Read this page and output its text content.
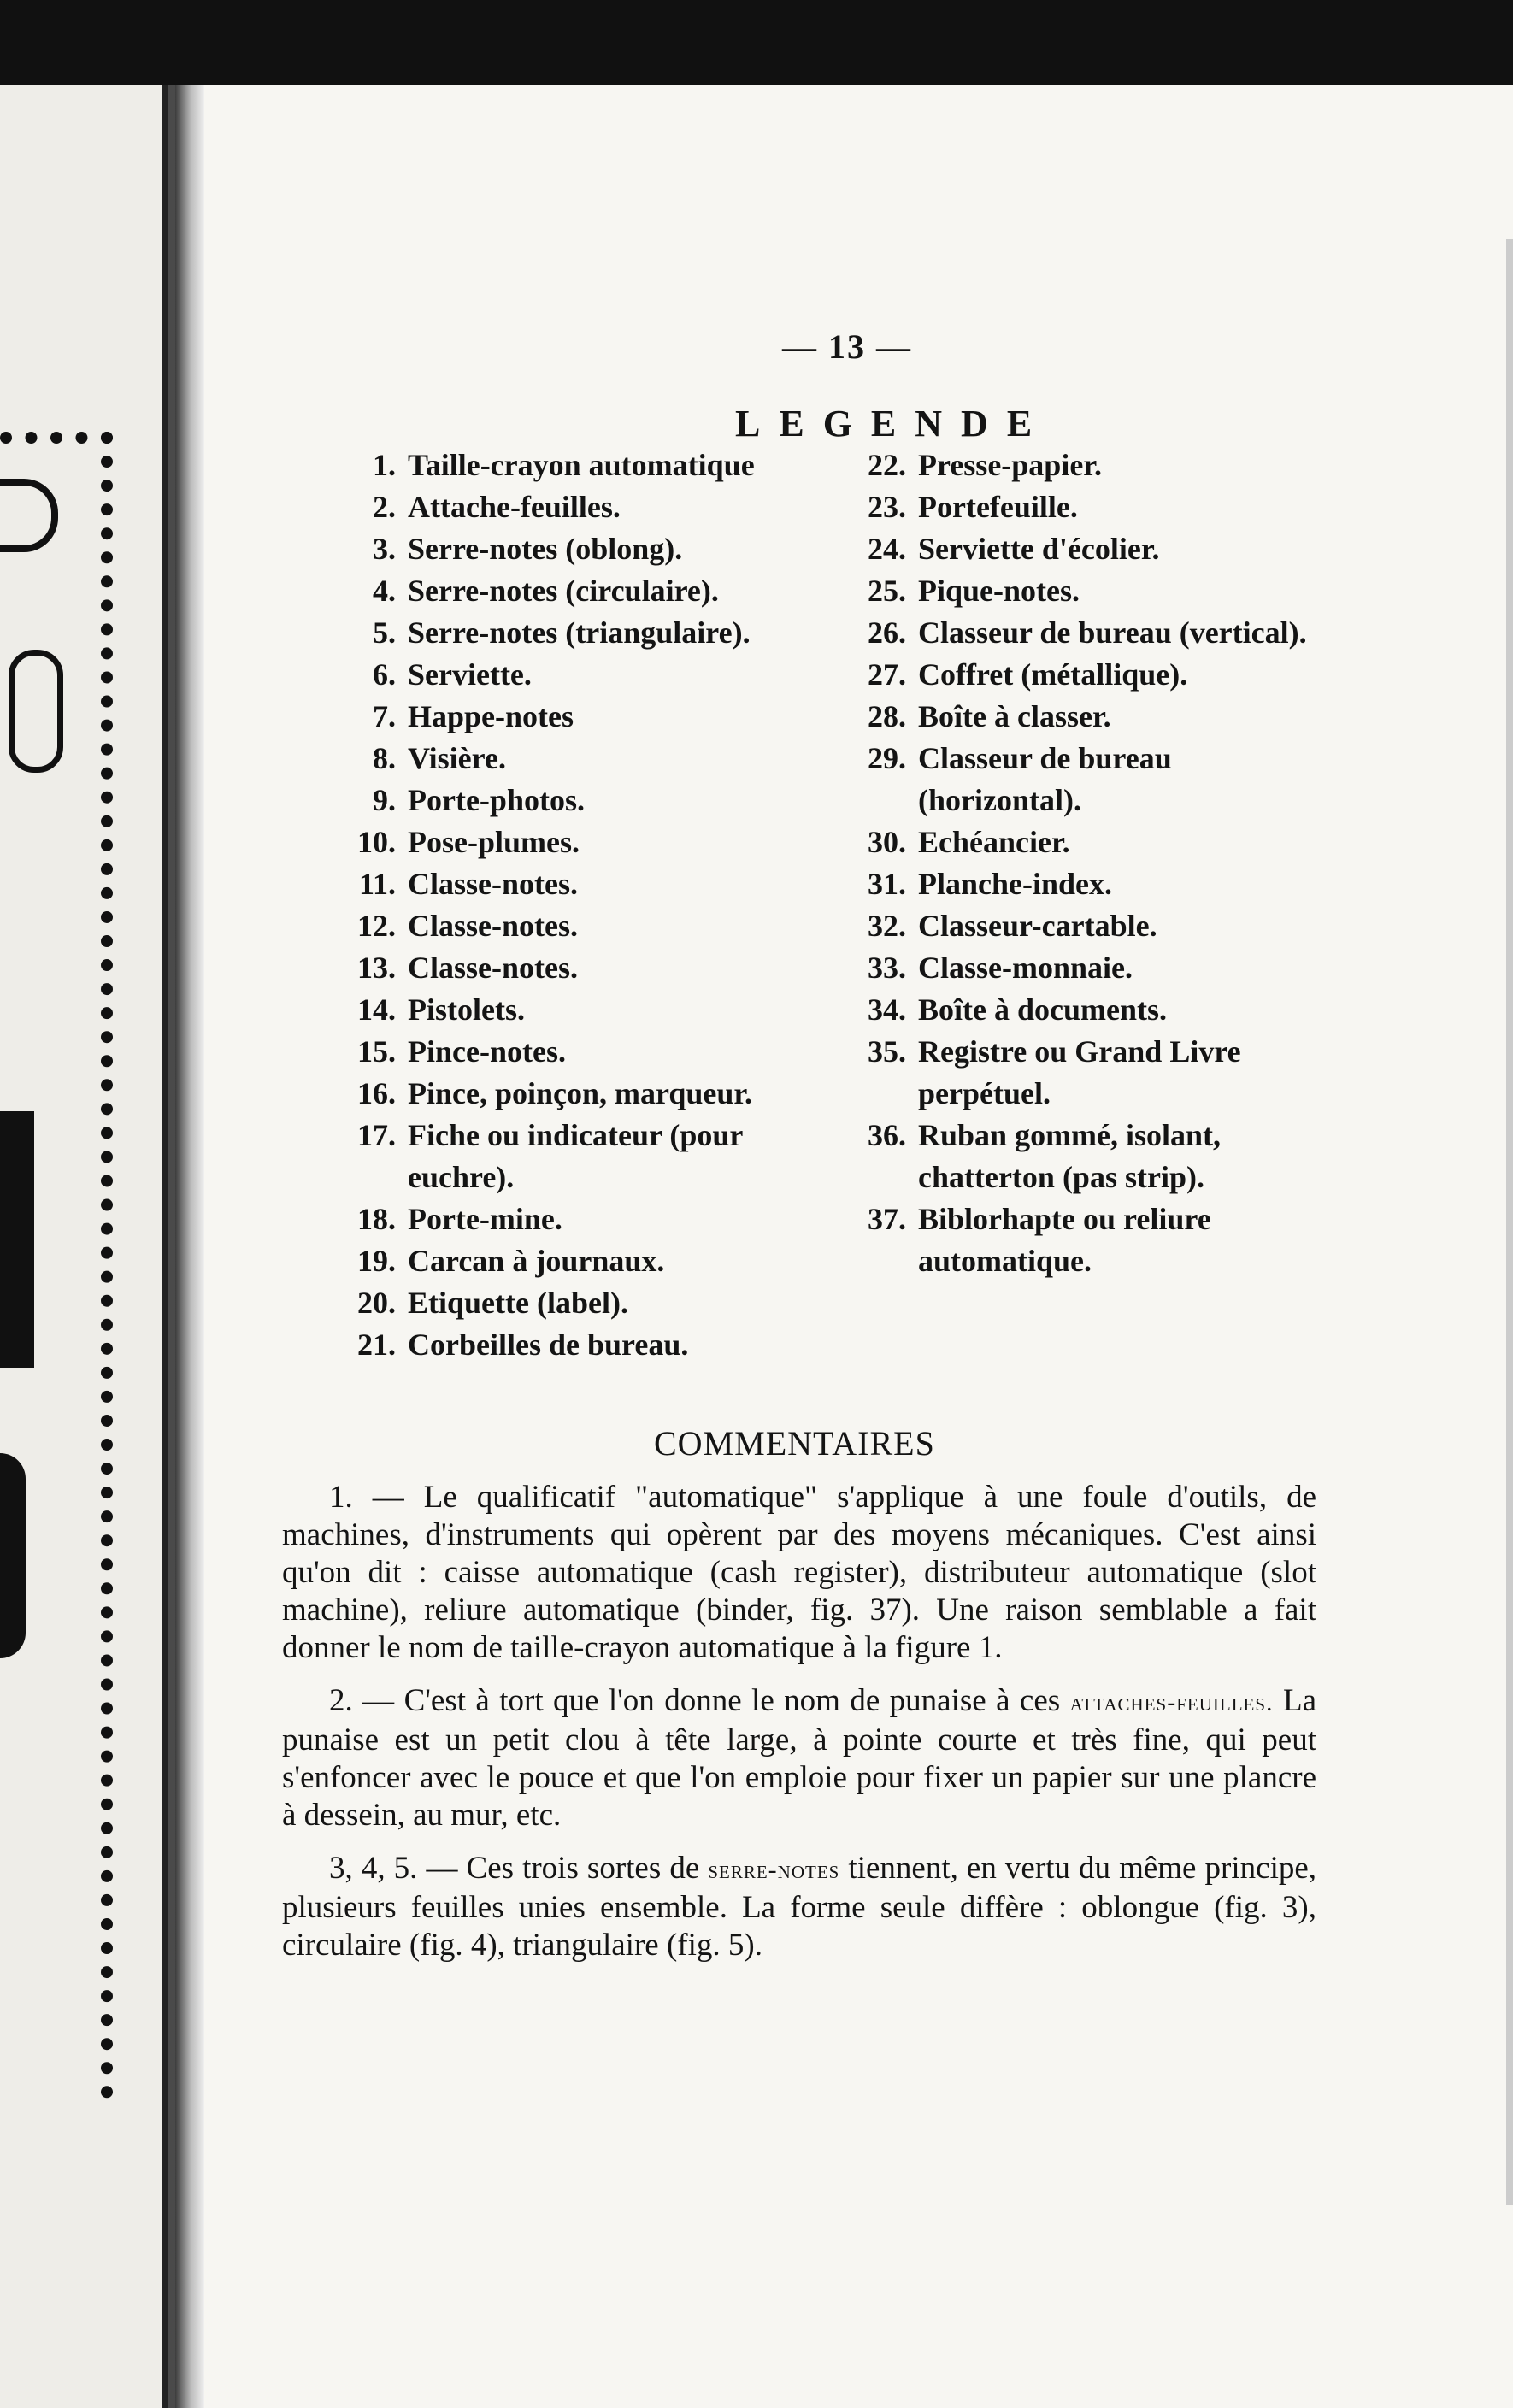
— 13 —
LEGENDE
1. Taille-crayon automatique
2. Attache-feuilles.
3. Serre-notes (oblong).
4. Serre-notes (circulaire).
5. Serre-notes (triangulaire).
6. Serviette.
7. Happe-notes
8. Visière.
9. Porte-photos.
10. Pose-plumes.
11. Classe-notes.
12. Classe-notes.
13. Classe-notes.
14. Pistolets.
15. Pince-notes.
16. Pince, poinçon, marqueur.
17. Fiche ou indicateur (pour euchre).
18. Porte-mine.
19. Carcan à journaux.
20. Etiquette (label).
21. Corbeilles de bureau.
22. Presse-papier.
23. Portefeuille.
24. Serviette d'écolier.
25. Pique-notes.
26. Classeur de bureau (vertical).
27. Coffret (métallique).
28. Boîte à classer.
29. Classeur de bureau (horizontal).
30. Echéancier.
31. Planche-index.
32. Classeur-cartable.
33. Classe-monnaie.
34. Boîte à documents.
35. Registre ou Grand Livre perpétuel.
36. Ruban gommé, isolant, chatterton (pas strip).
37. Biblorhapte ou reliure automatique.
COMMENTAIRES

1. — Le qualificatif "automatique" s'applique à une foule d'outils, de machines, d'instruments qui opèrent par des moyens mécaniques. C'est ainsi qu'on dit : caisse automatique (cash register), distributeur automatique (slot machine), reliure automatique (binder, fig. 37). Une raison semblable a fait donner le nom de taille-crayon automatique à la figure 1.

2. — C'est à tort que l'on donne le nom de punaise à ces attaches-feuilles. La punaise est un petit clou à tête large, à pointe courte et très fine, qui peut s'enfoncer avec le pouce et que l'on emploie pour fixer un papier sur une plancre à dessein, au mur, etc.

3, 4, 5. — Ces trois sortes de serre-notes tiennent, en vertu du même principe, plusieurs feuilles unies ensemble. La forme seule diffère : oblongue (fig. 3), circulaire (fig. 4), triangulaire (fig. 5).
